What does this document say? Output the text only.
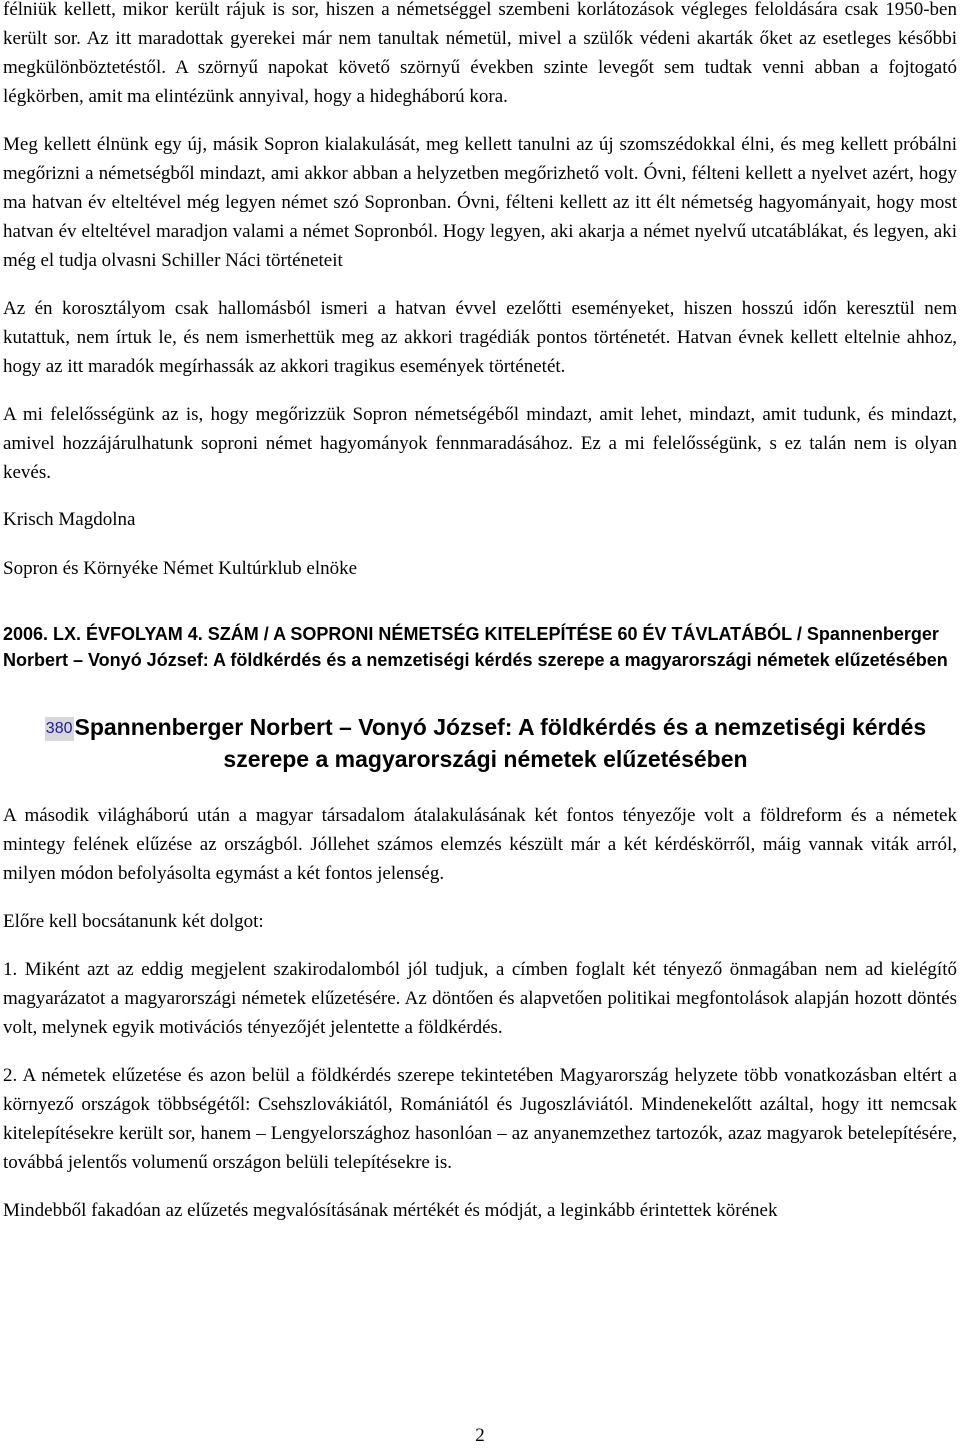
félniük kellett, mikor került rájuk is sor, hiszen a németséggel szembeni korlátozások végleges feloldására csak 1950-ben került sor. Az itt maradottak gyerekei már nem tanultak németül, mivel a szülők védeni akarták őket az esetleges későbbi megkülönböztetéstől. A szörnyű napokat követő szörnyű években szinte levegőt sem tudtak venni abban a fojtogató légkörben, amit ma elintézünk annyival, hogy a hidegháború kora.

Meg kellett élnünk egy új, másik Sopron kialakulását, meg kellett tanulni az új szomszédokkal élni, és meg kellett próbálni megőrizni a németségből mindazt, ami akkor abban a helyzetben megőrizhető volt. Óvni, félteni kellett a nyelvet azért, hogy ma hatvan év elteltével még legyen német szó Sopronban. Óvni, félteni kellett az itt élt németség hagyományait, hogy most hatvan év elteltével maradjon valami a német Sopronból. Hogy legyen, aki akarja a német nyelvű utcatáblákat, és legyen, aki még el tudja olvasni Schiller Náci történeteit

Az én korosztályom csak hallomásból ismeri a hatvan évvel ezelőtti eseményeket, hiszen hosszú időn keresztül nem kutattuk, nem írtuk le, és nem ismerhettük meg az akkori tragédiák pontos történetét. Hatvan évnek kellett eltelnie ahhoz, hogy az itt maradók megírhassák az akkori tragikus események történetét.

A mi felelősségünk az is, hogy megőrizzük Sopron németségéből mindazt, amit lehet, mindazt, amit tudunk, és mindazt, amivel hozzájárulhatunk soproni német hagyományok fennmaradásához. Ez a mi felelősségünk, s ez talán nem is olyan kevés.

Krisch Magdolna

Sopron és Környéke Német Kultúrklub elnöke

2006. LX. ÉVFOLYAM 4. SZÁM / A SOPRONI NÉMETSÉG KITELEPÍTÉSE 60 ÉV TÁVLATÁBÓL / Spannenberger Norbert – Vonyó József: A földkérdés és a nemzetiségi kérdés szerepe a magyarországi németek elűzetésében

380Spannenberger Norbert – Vonyó József: A földkérdés és a nemzetiségi kérdés szerepe a magyarországi németek elűzetésében

A második világháború után a magyar társadalom átalakulásának két fontos tényezője volt a földreform és a németek mintegy felének elűzése az országból. Jóllehet számos elemzés készült már a két kérdéskörről, máig vannak viták arról, milyen módon befolyásolta egymást a két fontos jelenség.

Előre kell bocsátanunk két dolgot:

1. Miként azt az eddig megjelent szakirodalomból jól tudjuk, a címben foglalt két tényező önmagában nem ad kielégítő magyarázatot a magyarországi németek elűzetésére. Az döntően és alapvetően politikai megfontolások alapján hozott döntés volt, melynek egyik motivációs tényezőjét jelentette a földkérdés.

2. A németek elűzetése és azon belül a földkérdés szerepe tekintetében Magyarország helyzete több vonatkozásban eltért a környező országok többségétől: Csehszlovákiától, Romániától és Jugoszláviától. Mindenekelőtt azáltal, hogy itt nemcsak kitelepítésekre került sor, hanem – Lengyelországhoz hasonlóan – az anyanemzethez tartozók, azaz magyarok betelepítésére, továbbá jelentős volumenű országon belüli telepítésekre is.

Mindebből fakadóan az elűzetés megvalósításának mértékét és módját, a leginkább érintettek körének

2
